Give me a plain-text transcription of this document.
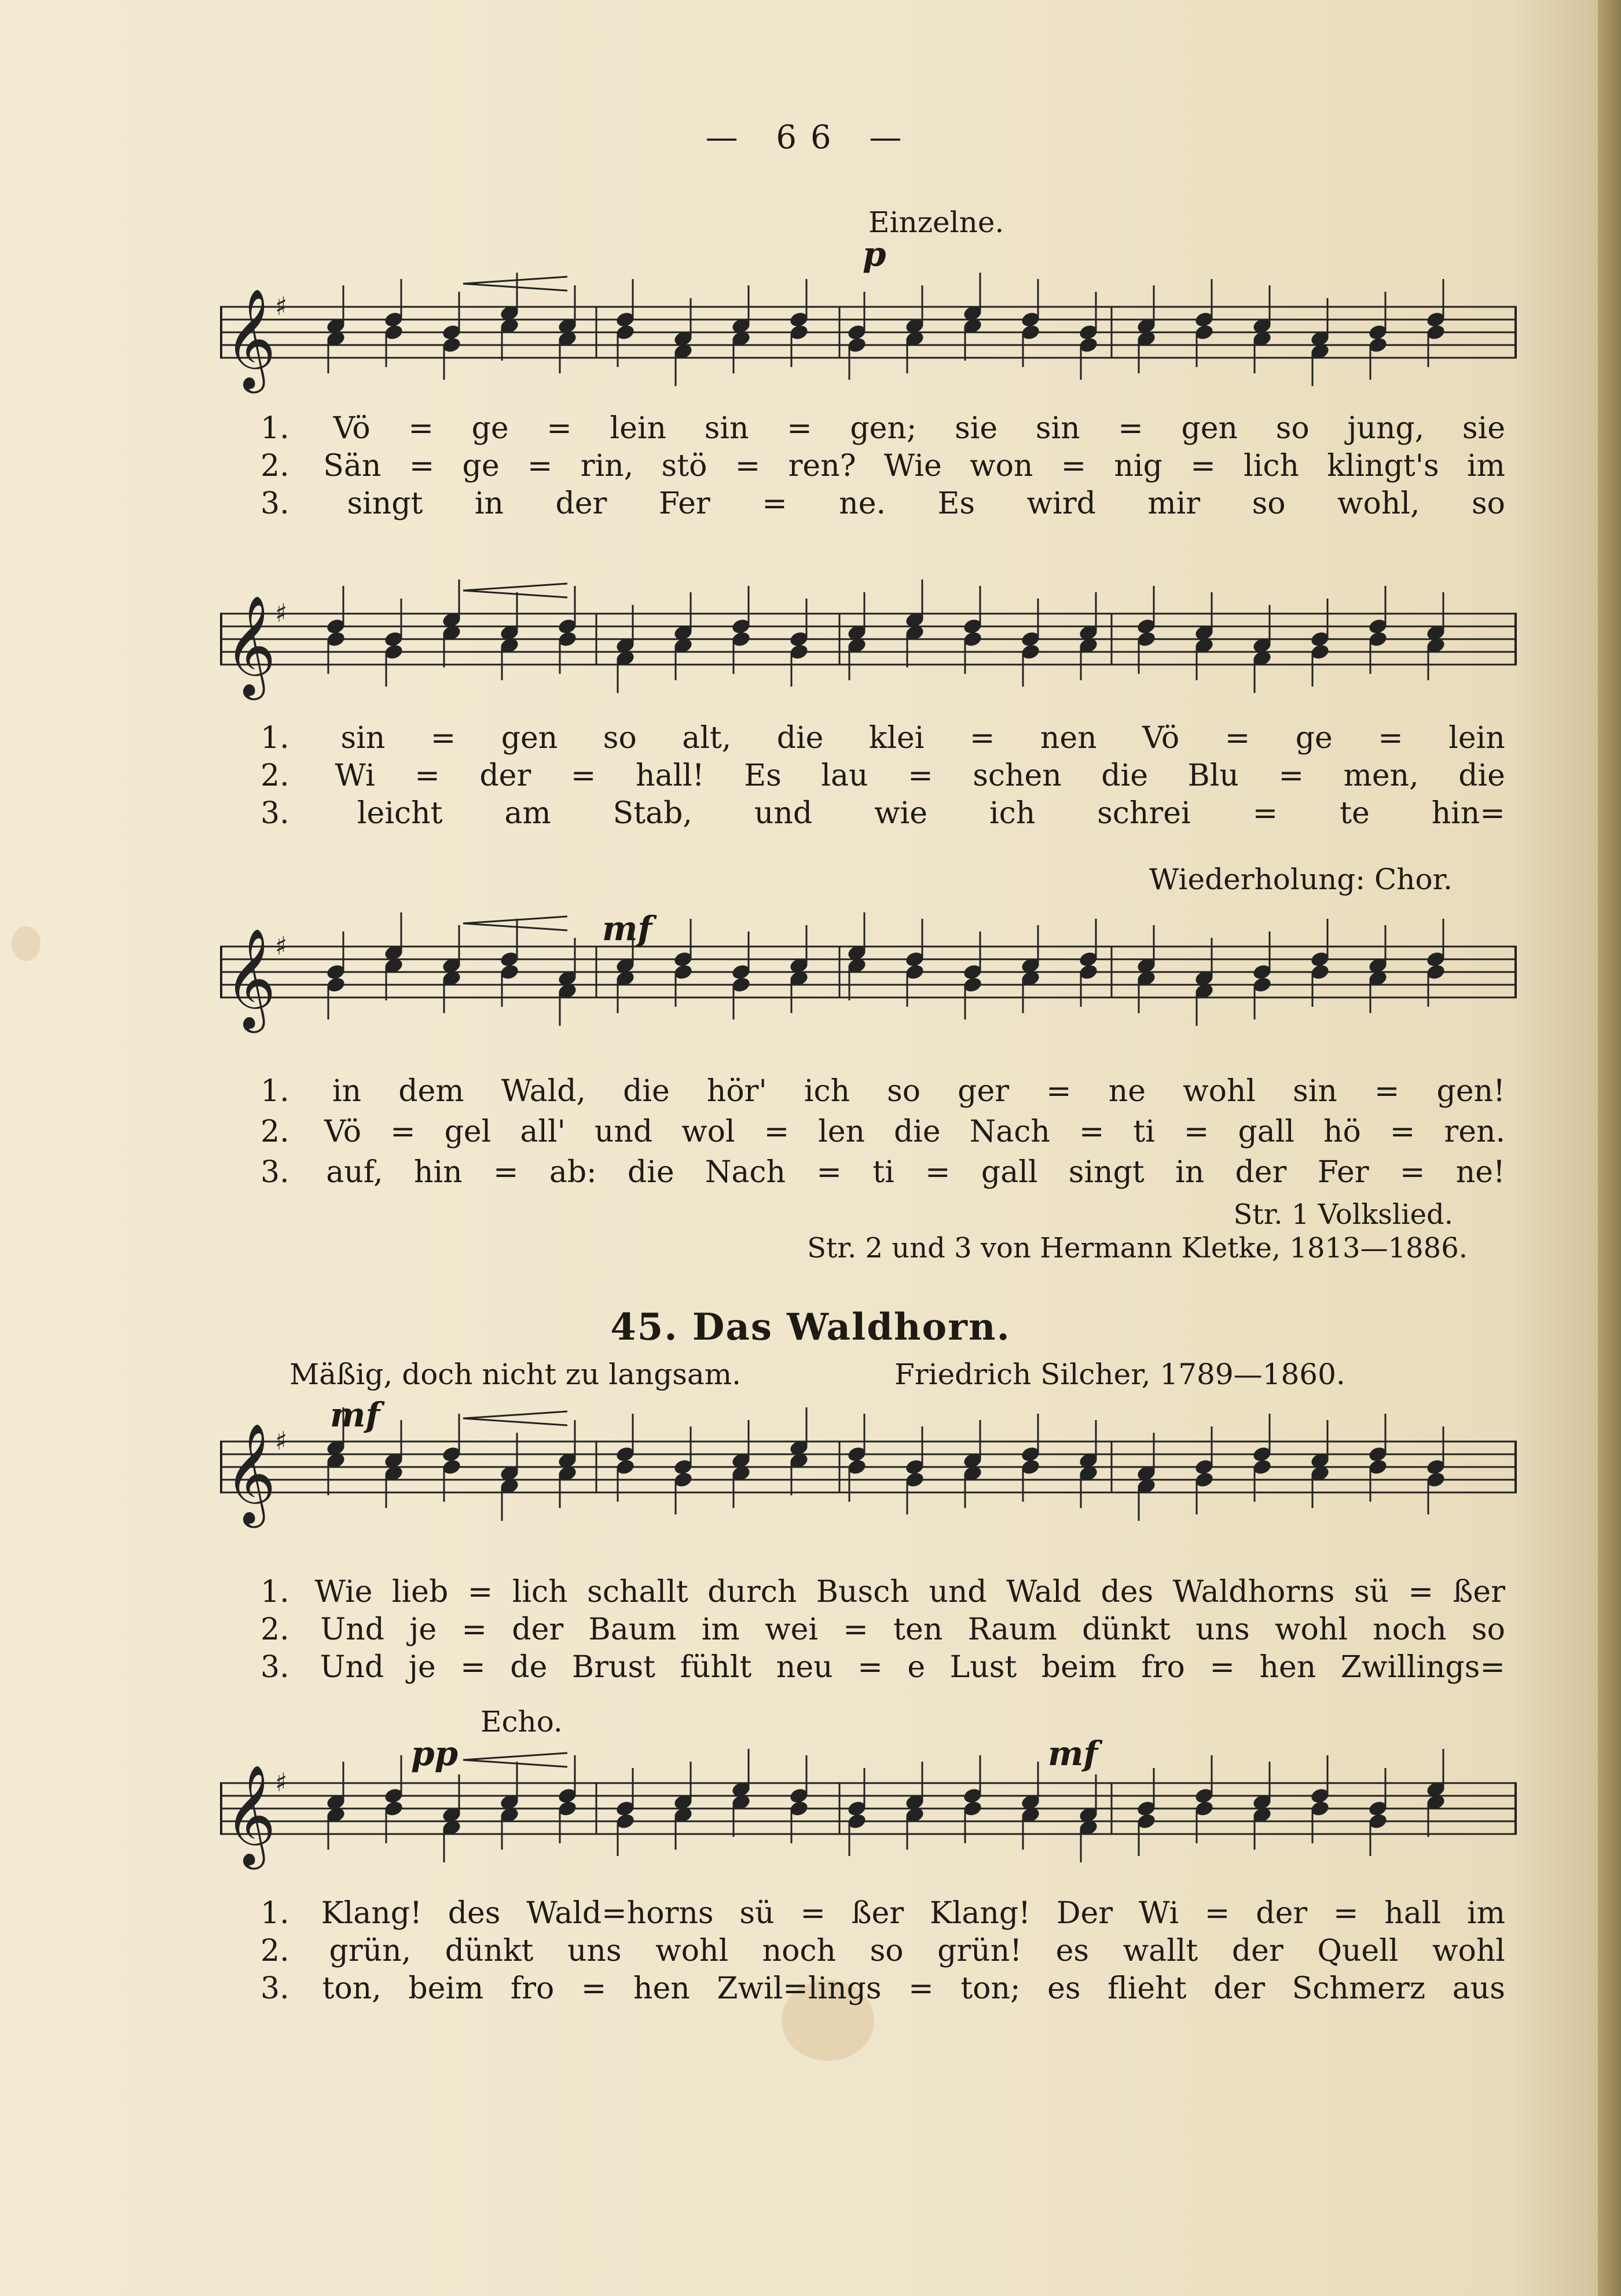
— 66 —
Einzelne.
p
𝄞
♯
1. Vö = ge = lein sin = gen; sie sin = gen so jung, sie
2. Sän = ge = rin, stö = ren? Wie won = nig = lich klingt's im
3. singt in der Fer = ne. Es wird mir so wohl, so
𝄞
♯
1. sin = gen so alt, die klei = nen Vö = ge = lein
2. Wi = der = hall! Es lau = schen die Blu = men, die
3. leicht am Stab, und wie ich schrei = te hin=
Wiederholung: Chor.
mf
𝄞
♯
1. in dem Wald, die hör' ich so ger = ne wohl sin = gen!
2. Vö = gel all' und wol = len die Nach = ti = gall hö = ren.
3. auf, hin = ab: die Nach = ti = gall singt in der Fer = ne!
Str. 1 Volkslied.
Str. 2 und 3 von Hermann Kletke, 1813—1886.
45. Das Waldhorn.
Mäßig, doch nicht zu langsam.	Friedrich Silcher, 1789—1860.
mf
𝄞
♯
1. Wie lieb = lich schallt durch Busch und Wald des Waldhorns sü = ßer
2. Und je = der Baum im wei = ten Raum dünkt uns wohl noch so
3. Und je = de Brust fühlt neu = e Lust beim fro = hen Zwillings=
Echo.
pp	mf
𝄞
♯
1. Klang! des Wald=horns sü = ßer Klang! Der Wi = der = hall im
2. grün, dünkt uns wohl noch so grün! es wallt der Quell wohl
3. ton, beim fro = hen Zwil=lings = ton; es flieht der Schmerz aus
